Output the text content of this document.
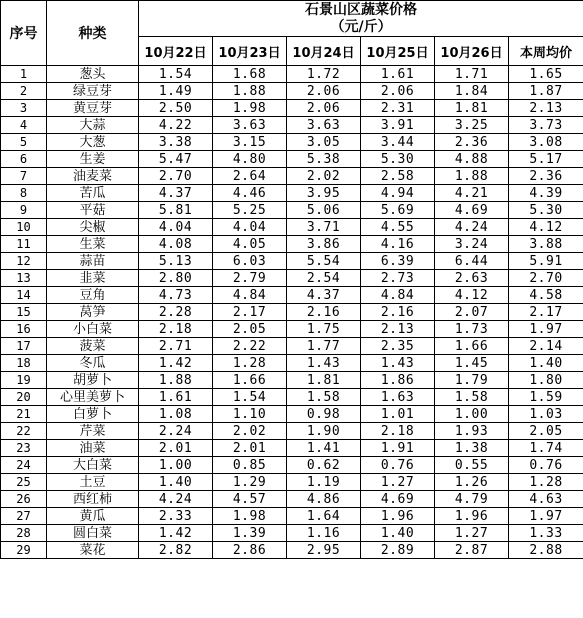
序号	种类	石景山区蔬菜价格
（元/斤）					

		10月22日	10月23日	10月24日	10月25日	10月26日	本周均价
1	葱头	1.54	1.68	1.72	1.61	1.71	1.65
2	绿豆芽	1.49	1.88	2.06	2.06	1.84	1.87
3	黄豆芽	2.50	1.98	2.06	2.31	1.81	2.13
4	大蒜	4.22	3.63	3.63	3.91	3.25	3.73
5	大葱	3.38	3.15	3.05	3.44	2.36	3.08
6	生姜	5.47	4.80	5.38	5.30	4.88	5.17
7	油麦菜	2.70	2.64	2.02	2.58	1.88	2.36
8	苦瓜	4.37	4.46	3.95	4.94	4.21	4.39
9	平菇	5.81	5.25	5.06	5.69	4.69	5.30
10	尖椒	4.04	4.04	3.71	4.55	4.24	4.12
11	生菜	4.08	4.05	3.86	4.16	3.24	3.88
12	蒜苗	5.13	6.03	5.54	6.39	6.44	5.91
13	韭菜	2.80	2.79	2.54	2.73	2.63	2.70
14	豆角	4.73	4.84	4.37	4.84	4.12	4.58
15	莴笋	2.28	2.17	2.16	2.16	2.07	2.17
16	小白菜	2.18	2.05	1.75	2.13	1.73	1.97
17	菠菜	2.71	2.22	1.77	2.35	1.66	2.14
18	冬瓜	1.42	1.28	1.43	1.43	1.45	1.40
19	胡萝卜	1.88	1.66	1.81	1.86	1.79	1.80
20	心里美萝卜	1.61	1.54	1.58	1.63	1.58	1.59
21	白萝卜	1.08	1.10	0.98	1.01	1.00	1.03
22	芹菜	2.24	2.02	1.90	2.18	1.93	2.05
23	油菜	2.01	2.01	1.41	1.91	1.38	1.74
24	大白菜	1.00	0.85	0.62	0.76	0.55	0.76
25	土豆	1.40	1.29	1.19	1.27	1.26	1.28
26	西红柿	4.24	4.57	4.86	4.69	4.79	4.63
27	黄瓜	2.33	1.98	1.64	1.96	1.96	1.97
28	圆白菜	1.42	1.39	1.16	1.40	1.27	1.33
29	菜花	2.82	2.86	2.95	2.89	2.87	2.88
